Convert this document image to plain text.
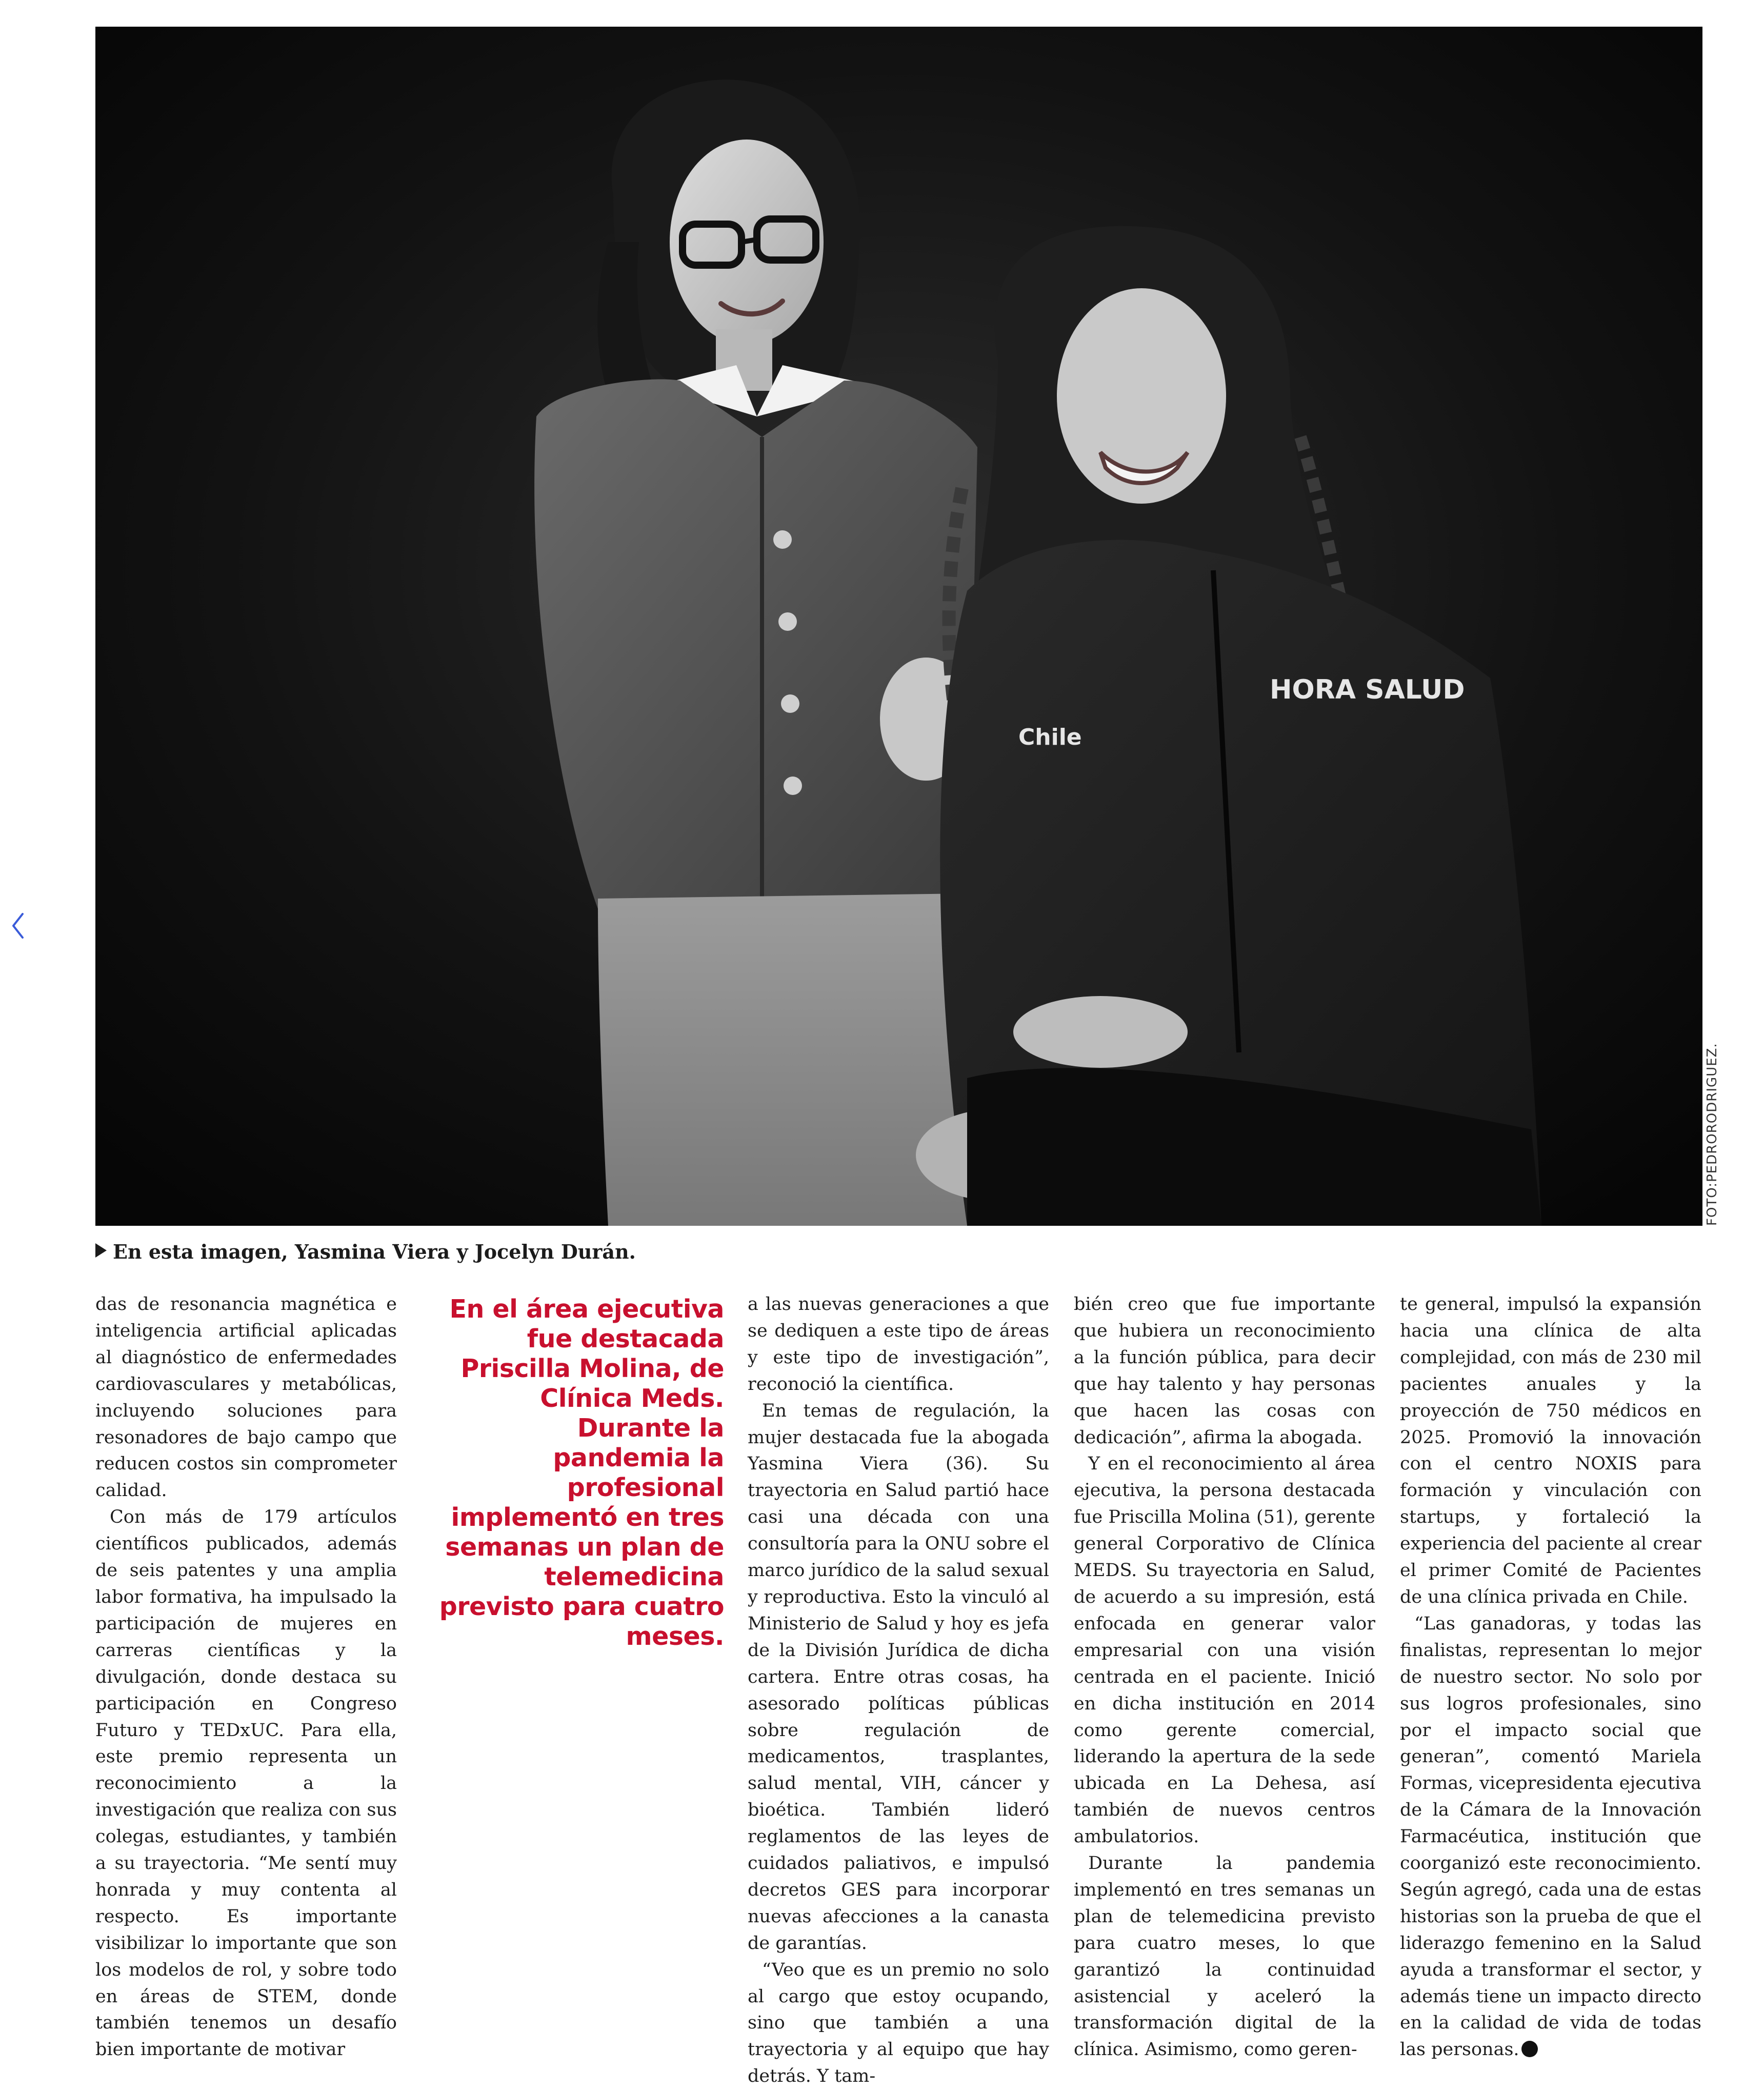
HORA SALUD
Chile
FOTO:PEDRORODRIGUEZ.
En esta imagen, Yasmina Viera y Jocelyn Durán.

das de resonancia magnética e inteligencia artificial aplicadas al diagnóstico de enfermedades cardiovasculares y metabólicas, incluyendo soluciones para resonadores de bajo campo que reducen costos sin comprometer calidad.

Con más de 179 artículos científicos publicados, además de seis patentes y una amplia labor formativa, ha impulsado la participación de mujeres en carreras científicas y la divulgación, donde destaca su participación en Congreso Futuro y TEDxUC. Para ella, este premio representa un reconocimiento a la investigación que realiza con sus colegas, estudiantes, y también a su trayectoria. “Me sentí muy honrada y muy contenta al respecto. Es importante visibilizar lo importante que son los modelos de rol, y sobre todo en áreas de STEM, donde también tenemos un desafío bien importante de motivar

En el área ejecutiva fue destacada Priscilla Molina, de Clínica Meds. Durante la pandemia la profesional implementó en tres semanas un plan de telemedicina previsto para cuatro meses.

a las nuevas generaciones a que se dediquen a este tipo de áreas y este tipo de investigación”, reconoció la científica.

En temas de regulación, la mujer destacada fue la abogada Yasmina Viera (36). Su trayectoria en Salud partió hace casi una década con una consultoría para la ONU sobre el marco jurídico de la salud sexual y reproductiva. Esto la vinculó al Ministerio de Salud y hoy es jefa de la División Jurídica de dicha cartera. Entre otras cosas, ha asesorado políticas públicas sobre regulación de medicamentos, trasplantes, salud mental, VIH, cáncer y bioética. También lideró reglamentos de las leyes de cuidados paliativos, e impulsó decretos GES para incorporar nuevas afecciones a la canasta de garantías.

“Veo que es un premio no solo al cargo que estoy ocupando, sino que también a una trayectoria y al equipo que hay detrás. Y tam-

bién creo que fue importante que hubiera un reconocimiento a la función pública, para decir que hay talento y hay personas que hacen las cosas con dedicación”, afirma la abogada.

Y en el reconocimiento al área ejecutiva, la persona destacada fue Priscilla Molina (51), gerente general Corporativo de Clínica MEDS. Su trayectoria en Salud, de acuerdo a su impresión, está enfocada en generar valor empresarial con una visión centrada en el paciente. Inició en dicha institución en 2014 como gerente comercial, liderando la apertura de la sede ubicada en La Dehesa, así también de nuevos centros ambulatorios.

Durante la pandemia implementó en tres semanas un plan de telemedicina previsto para cuatro meses, lo que garantizó la continuidad asistencial y aceleró la transformación digital de la clínica. Asimismo, como geren-

te general, impulsó la expansión hacia una clínica de alta complejidad, con más de 230 mil pacientes anuales y la proyección de 750 médicos en 2025. Promovió la innovación con el centro NOXIS para formación y vinculación con startups, y fortaleció la experiencia del paciente al crear el primer Comité de Pacientes de una clínica privada en Chile.

“Las ganadoras, y todas las finalistas, representan lo mejor de nuestro sector. No solo por sus logros profesionales, sino por el impacto social que generan”, comentó Mariela Formas, vicepresidenta ejecutiva de la Cámara de la Innovación Farmacéutica, institución que coorganizó este reconocimiento. Según agregó, cada una de estas historias son la prueba de que el liderazgo femenino en la Salud ayuda a transformar el sector, y además tiene un impacto directo en la calidad de vida de todas las personas.
